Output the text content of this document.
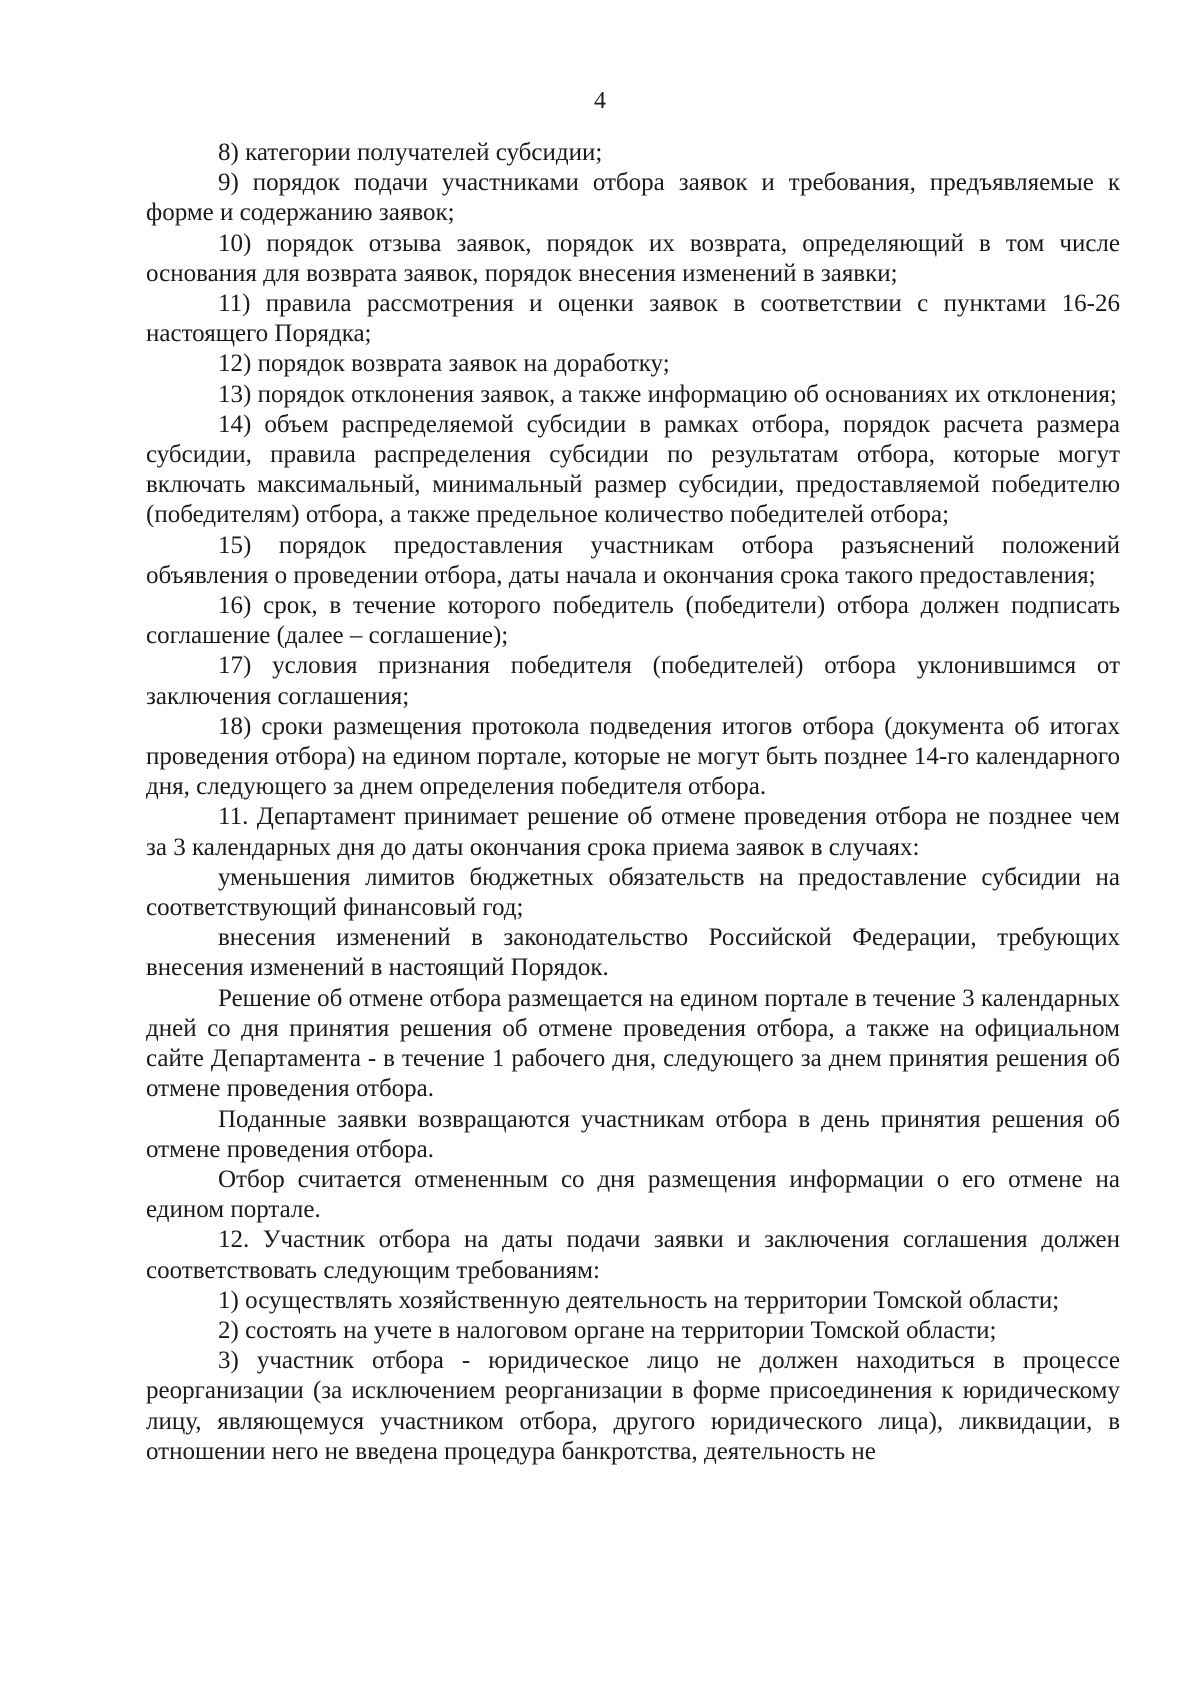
4

8) категории получателей субсидии;

9) порядок подачи участниками отбора заявок и требования, предъявляемые к форме и содержанию заявок;

10) порядок отзыва заявок, порядок их возврата, определяющий в том числе основания для возврата заявок, порядок внесения изменений в заявки;

11) правила рассмотрения и оценки заявок в соответствии с пунктами 16-26 настоящего Порядка;

12) порядок возврата заявок на доработку;

13) порядок отклонения заявок, а также информацию об основаниях их отклонения;

14) объем распределяемой субсидии в рамках отбора, порядок расчета размера субсидии, правила распределения субсидии по результатам отбора, которые могут включать максимальный, минимальный размер субсидии, предоставляемой победителю (победителям) отбора, а также предельное количество победителей отбора;

15) порядок предоставления участникам отбора разъяснений положений объявления о проведении отбора, даты начала и окончания срока такого предоставления;

16) срок, в течение которого победитель (победители) отбора должен подписать соглашение (далее – соглашение);

17) условия признания победителя (победителей) отбора уклонившимся от заключения соглашения;

18) сроки размещения протокола подведения итогов отбора (документа об итогах проведения отбора) на едином портале, которые не могут быть позднее 14-го календарного дня, следующего за днем определения победителя отбора.

11. Департамент принимает решение об отмене проведения отбора не позднее чем за 3 календарных дня до даты окончания срока приема заявок в случаях:

уменьшения лимитов бюджетных обязательств на предоставление субсидии на соответствующий финансовый год;

внесения изменений в законодательство Российской Федерации, требующих внесения изменений в настоящий Порядок.

Решение об отмене отбора размещается на едином портале в течение 3 календарных дней со дня принятия решения об отмене проведения отбора, а также на официальном сайте Департамента - в течение 1 рабочего дня, следующего за днем принятия решения об отмене проведения отбора.

Поданные заявки возвращаются участникам отбора в день принятия решения об отмене проведения отбора.

Отбор считается отмененным со дня размещения информации о его отмене на едином портале.

12. Участник отбора на даты подачи заявки и заключения соглашения должен соответствовать следующим требованиям:

1) осуществлять хозяйственную деятельность на территории Томской области;

2) состоять на учете в налоговом органе на территории Томской области;

3) участник отбора - юридическое лицо не должен находиться в процессе реорганизации (за исключением реорганизации в форме присоединения к юридическому лицу, являющемуся участником отбора, другого юридического лица), ликвидации, в отношении него не введена процедура банкротства, деятельность не
